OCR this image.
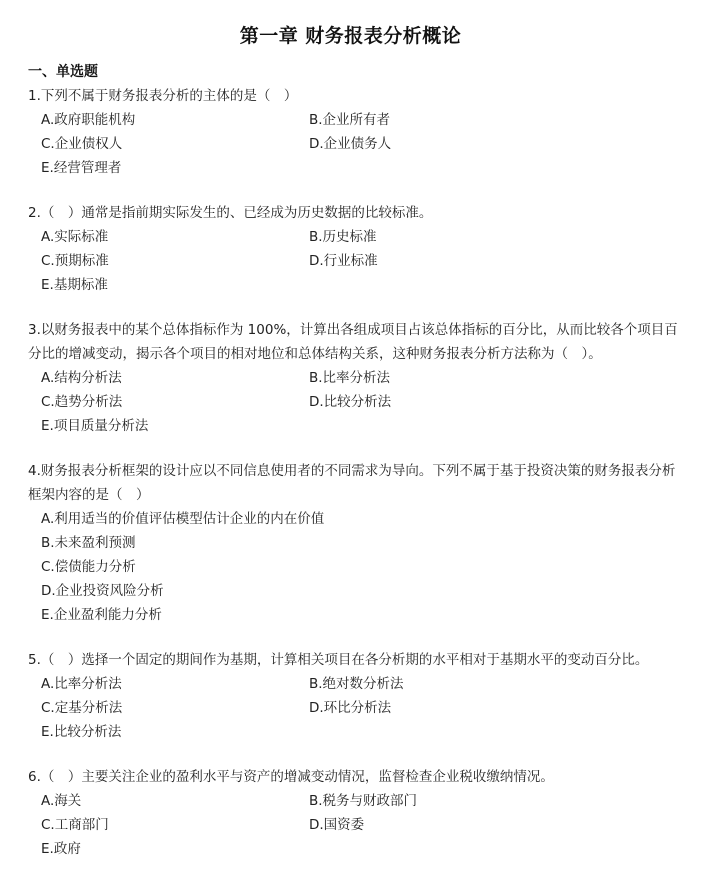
第一章 财务报表分析概论
一、单选题

1.下列不属于财务报表分析的主体的是（　）

A.政府职能机构	B.企业所有者
C.企业债权人	D.企业债务人
E.经营管理者

2.（　）通常是指前期实际发生的、已经成为历史数据的比较标准。

A.实际标准	B.历史标准
C.预期标准	D.行业标准
E.基期标准

3.以财务报表中的某个总体指标作为 100%，计算出各组成项目占该总体指标的百分比，从而比较各个项目百分比的增减变动，揭示各个项目的相对地位和总体结构关系，这种财务报表分析方法称为（　）。

A.结构分析法	B.比率分析法
C.趋势分析法	D.比较分析法
E.项目质量分析法

4.财务报表分析框架的设计应以不同信息使用者的不同需求为导向。下列不属于基于投资决策的财务报表分析框架内容的是（　）

A.利用适当的价值评估模型估计企业的内在价值
B.未来盈利预测
C.偿债能力分析
D.企业投资风险分析
E.企业盈利能力分析

5.（　）选择一个固定的期间作为基期，计算相关项目在各分析期的水平相对于基期水平的变动百分比。

A.比率分析法	B.绝对数分析法
C.定基分析法	D.环比分析法
E.比较分析法

6.（　）主要关注企业的盈利水平与资产的增减变动情况，监督检查企业税收缴纳情况。

A.海关	B.税务与财政部门
C.工商部门	D.国资委
E.政府
